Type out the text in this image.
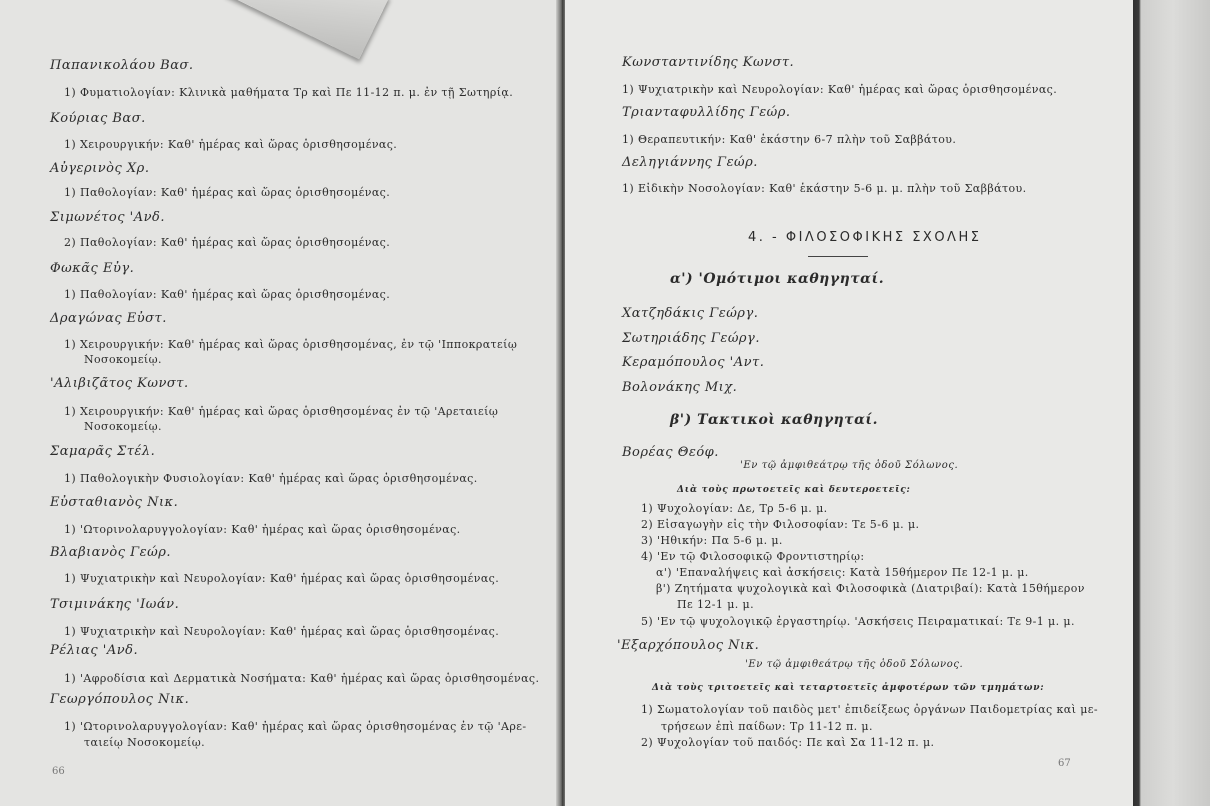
Παπανικολάου Βασ.
1) Φυματιολογίαν: Κλινικὰ μαθήματα Τρ καὶ Πε 11-12 π. μ. ἐν τῇ Σωτηρίᾳ.
Κούριας Βασ.
1) Χειρουργικήν: Καθ' ἡμέρας καὶ ὥρας ὁρισθησομένας.
Αὐγερινὸς Χρ.
1) Παθολογίαν: Καθ' ἡμέρας καὶ ὥρας ὁρισθησομένας.
Σιμωνέτος 'Ανδ.
2) Παθολογίαν: Καθ' ἡμέρας καὶ ὥρας ὁρισθησομένας.
Φωκᾶς Εὐγ.
1) Παθολογίαν: Καθ' ἡμέρας καὶ ὥρας ὁρισθησομένας.
Δραγώνας Εὐστ.
1) Χειρουργικήν: Καθ' ἡμέρας καὶ ὥρας ὁρισθησομένας, ἐν τῷ 'Ιπποκρατείῳ
Νοσοκομείῳ.
'Αλιβιζᾶτος Κωνστ.
1) Χειρουργικήν: Καθ' ἡμέρας καὶ ὥρας ὁρισθησομένας ἐν τῷ 'Αρεταιείῳ
Νοσοκομείῳ.
Σαμαρᾶς Στέλ.
1) Παθολογικὴν Φυσιολογίαν: Καθ' ἡμέρας καὶ ὥρας ὁρισθησομένας.
Εὐσταθιανὸς Νικ.
1) 'Ωτορινολαρυγγολογίαν: Καθ' ἡμέρας καὶ ὥρας ὁρισθησομένας.
Βλαβιανὸς Γεώρ.
1) Ψυχιατρικὴν καὶ Νευρολογίαν: Καθ' ἡμέρας καὶ ὥρας ὁρισθησομένας.
Τσιμινάκης 'Ιωάν.
1) Ψυχιατρικὴν καὶ Νευρολογίαν: Καθ' ἡμέρας καὶ ὥρας ὁρισθησομένας.
Ρέλιας 'Ανδ.
1) 'Αφροδίσια καὶ Δερματικὰ Νοσήματα: Καθ' ἡμέρας καὶ ὥρας ὁρισθησομένας.
Γεωργόπουλος Νικ.
1) 'Ωτορινολαρυγγολογίαν: Καθ' ἡμέρας καὶ ὥρας ὁρισθησομένας ἐν τῷ 'Αρε-
ταιείῳ Νοσοκομείῳ.
66
Κωνσταντινίδης Κωνστ.
1) Ψυχιατρικὴν καὶ Νευρολογίαν: Καθ' ἡμέρας καὶ ὥρας ὁρισθησομένας.
Τριανταφυλλίδης Γεώρ.
1) Θεραπευτικήν: Καθ' ἑκάστην 6-7 πλὴν τοῦ Σαββάτου.
Δεληγιάννης Γεώρ.
1) Εἰδικὴν Νοσολογίαν: Καθ' ἑκάστην 5-6 μ. μ. πλὴν τοῦ Σαββάτου.
4. - ΦΙΛΟΣΟΦΙΚΗΣ ΣΧΟΛΗΣ
α') 'Ομότιμοι καθηγηταί.
Χατζηδάκις Γεώργ.
Σωτηριάδης Γεώργ.
Κεραμόπουλος 'Αντ.
Βολονάκης Μιχ.
β') Τακτικοὶ καθηγηταί.
Βορέας Θεόφ.
'Εν τῷ ἀμφιθεάτρῳ τῆς ὁδοῦ Σόλωνος.
Διὰ τοὺς πρωτοετεῖς καὶ δευτεροετεῖς:
1) Ψυχολογίαν: Δε, Τρ 5-6 μ. μ.
2) Εἰσαγωγὴν εἰς τὴν Φιλοσοφίαν: Τε 5-6 μ. μ.
3) 'Ηθικήν: Πα 5-6 μ. μ.
4) 'Εν τῷ Φιλοσοφικῷ Φροντιστηρίῳ:
α') 'Επαναλήψεις καὶ ἀσκήσεις: Κατὰ 15θήμερον Πε 12-1 μ. μ.
β') Ζητήματα ψυχολογικὰ καὶ Φιλοσοφικὰ (Διατριβαί): Κατὰ 15θήμερον
Πε 12-1 μ. μ.
5) 'Εν τῷ ψυχολογικῷ ἐργαστηρίῳ. 'Ασκήσεις Πειραματικαί: Τε 9-1 μ. μ.
'Εξαρχόπουλος Νικ.
'Εν τῷ ἀμφιθεάτρῳ τῆς ὁδοῦ Σόλωνος.
Διὰ τοὺς τριτοετεῖς καὶ τεταρτοετεῖς ἀμφοτέρων τῶν τμημάτων:
1) Σωματολογίαν τοῦ παιδὸς μετ' ἐπιδείξεως ὀργάνων Παιδομετρίας καὶ με-
τρήσεων ἐπὶ παίδων: Τρ 11-12 π. μ.
2) Ψυχολογίαν τοῦ παιδός: Πε καὶ Σα 11-12 π. μ.
67
